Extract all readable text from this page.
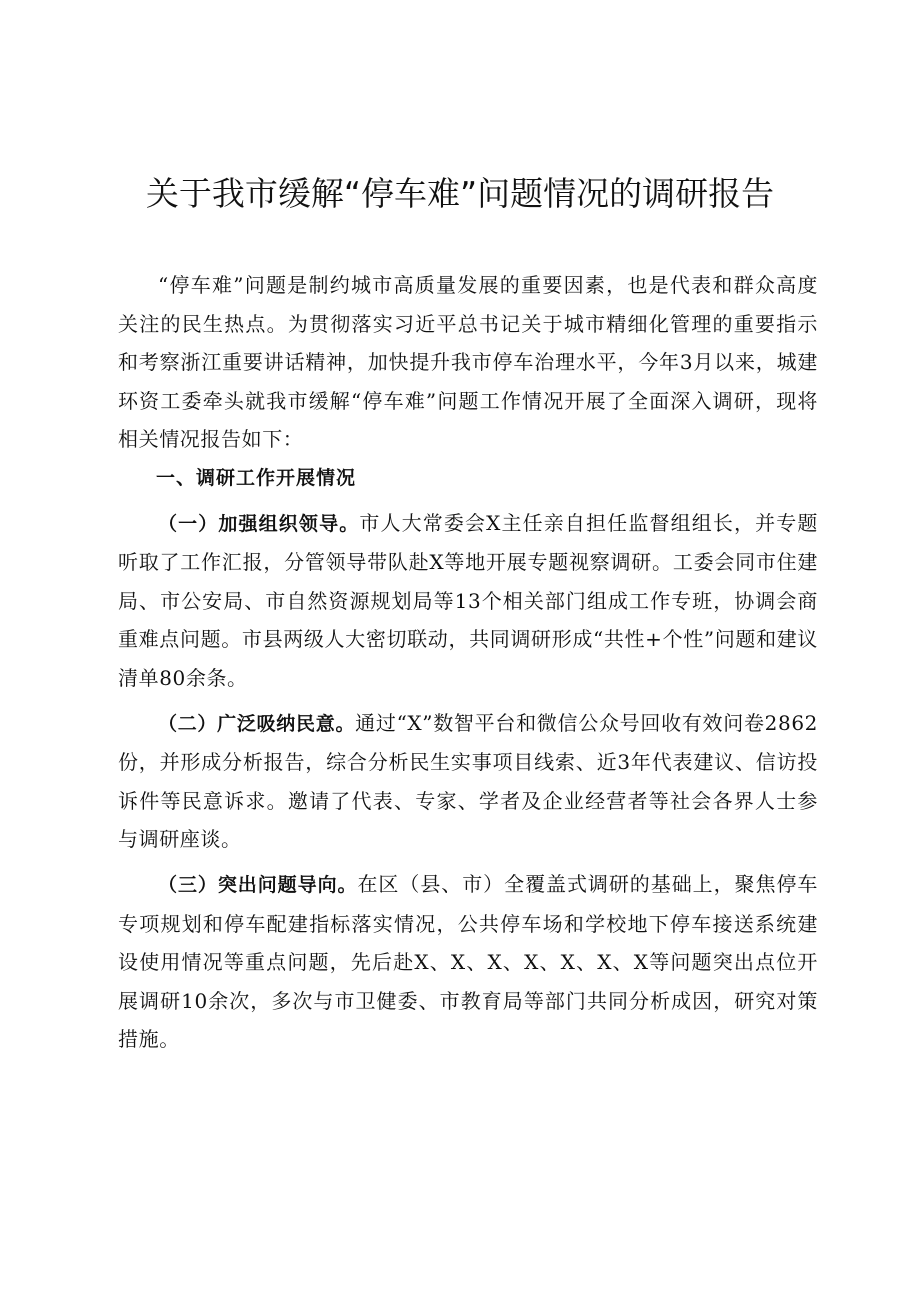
关于我市缓解“停车难”问题情况的调研报告

“停车难”问题是制约城市高质量发展的重要因素，也是代表和群众高度关注的民生热点。为贯彻落实习近平总书记关于城市精细化管理的重要指示和考察浙江重要讲话精神，加快提升我市停车治理水平，今年3月以来，城建环资工委牵头就我市缓解“停车难”问题工作情况开展了全面深入调研，现将相关情况报告如下：

一、调研工作开展情况

（一）加强组织领导。市人大常委会X主任亲自担任监督组组长，并专题听取了工作汇报，分管领导带队赴X等地开展专题视察调研。工委会同市住建局、市公安局、市自然资源规划局等13个相关部门组成工作专班，协调会商重难点问题。市县两级人大密切联动，共同调研形成“共性+个性”问题和建议清单80余条。

（二）广泛吸纳民意。通过“X”数智平台和微信公众号回收有效问卷2862份，并形成分析报告，综合分析民生实事项目线索、近3年代表建议、信访投诉件等民意诉求。邀请了代表、专家、学者及企业经营者等社会各界人士参与调研座谈。

（三）突出问题导向。在区（县、市）全覆盖式调研的基础上，聚焦停车专项规划和停车配建指标落实情况，公共停车场和学校地下停车接送系统建设使用情况等重点问题，先后赴X、X、X、X、X、X、X等问题突出点位开展调研10余次，多次与市卫健委、市教育局等部门共同分析成因，研究对策措施。
